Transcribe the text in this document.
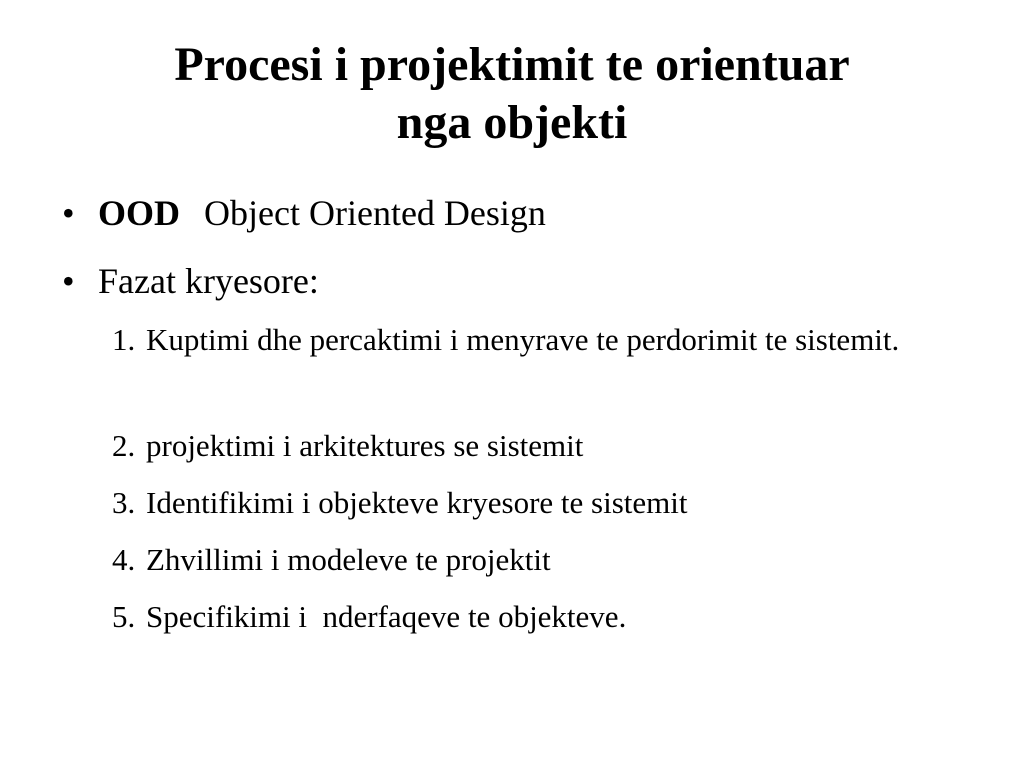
Procesi i projektimit te orientuar
nga objekti
• OOD Object Oriented Design
• Fazat kryesore:
1. Kuptimi dhe percaktimi i menyrave te perdorimit te sistemit.
2. projektimi i arkitektures se sistemit
3. Identifikimi i objekteve kryesore te sistemit
4. Zhvillimi i modeleve te projektit
5. Specifikimi i  nderfaqeve te objekteve.
